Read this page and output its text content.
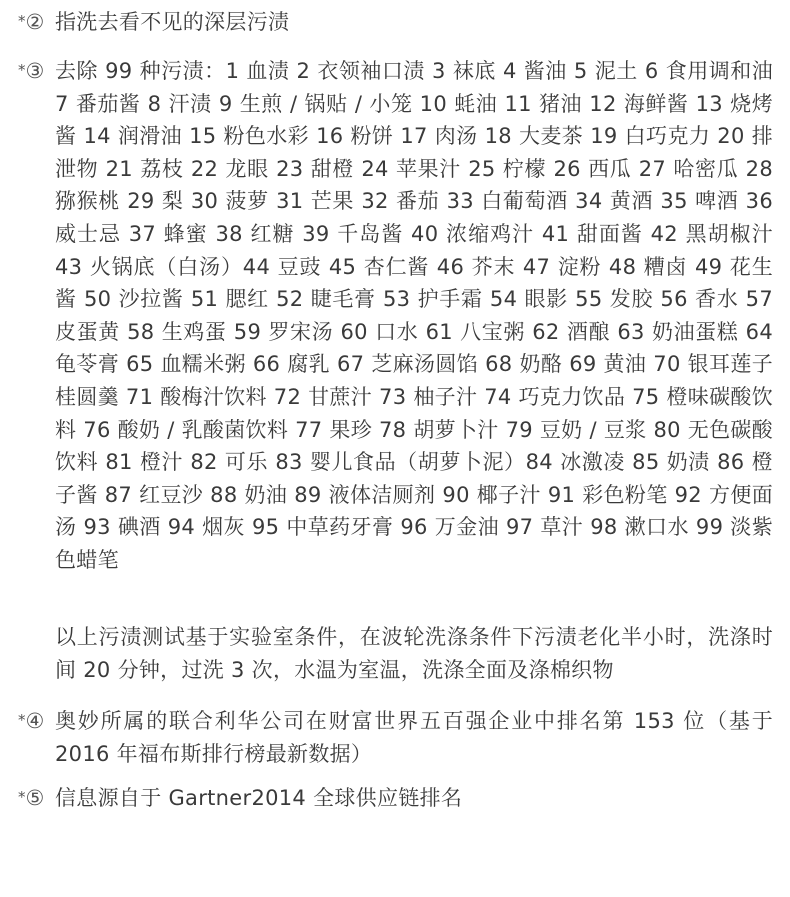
*② 指洗去看不见的深层污渍
*③ 去除 99 种污渍：1 血渍 2 衣领袖口渍 3 袜底 4 酱油 5 泥土 6 食用调和油 7 番茄酱 8 汗渍 9 生煎 / 锅贴 / 小笼 10 蚝油 11 猪油 12 海鲜酱 13 烧烤酱 14 润滑油 15 粉色水彩 16 粉饼 17 肉汤 18 大麦茶 19 白巧克力 20 排泄物 21 荔枝 22 龙眼 23 甜橙 24 苹果汁 25 柠檬 26 西瓜 27 哈密瓜 28 猕猴桃 29 梨 30 菠萝 31 芒果 32 番茄 33 白葡萄酒 34 黄酒 35 啤酒 36 威士忌 37 蜂蜜 38 红糖 39 千岛酱 40 浓缩鸡汁 41 甜面酱 42 黑胡椒汁 43 火锅底（白汤）44 豆豉 45 杏仁酱 46 芥末 47 淀粉 48 糟卤 49 花生酱 50 沙拉酱 51 腮红 52 睫毛膏 53 护手霜 54 眼影 55 发胶 56 香水 57 皮蛋黄 58 生鸡蛋 59 罗宋汤 60 口水 61 八宝粥 62 酒酿 63 奶油蛋糕 64 龟苓膏 65 血糯米粥 66 腐乳 67 芝麻汤圆馅 68 奶酪 69 黄油 70 银耳莲子桂圆羹 71 酸梅汁饮料 72 甘蔗汁 73 柚子汁 74 巧克力饮品 75 橙味碳酸饮料 76 酸奶 / 乳酸菌饮料 77 果珍 78 胡萝卜汁 79 豆奶 / 豆浆 80 无色碳酸饮料 81 橙汁 82 可乐 83 婴儿食品（胡萝卜泥）84 冰激凌 85 奶渍 86 橙子酱 87 红豆沙 88 奶油 89 液体洁厕剂 90 椰子汁 91 彩色粉笔 92 方便面汤 93 碘酒 94 烟灰 95 中草药牙膏 96 万金油 97 草汁 98 漱口水 99 淡紫色蜡笔
以上污渍测试基于实验室条件，在波轮洗涤条件下污渍老化半小时，洗涤时间 20 分钟，过洗 3 次，水温为室温，洗涤全面及涤棉织物
*④ 奥妙所属的联合利华公司在财富世界五百强企业中排名第 153 位（基于 2016 年福布斯排行榜最新数据）
*⑤ 信息源自于 Gartner2014 全球供应链排名
